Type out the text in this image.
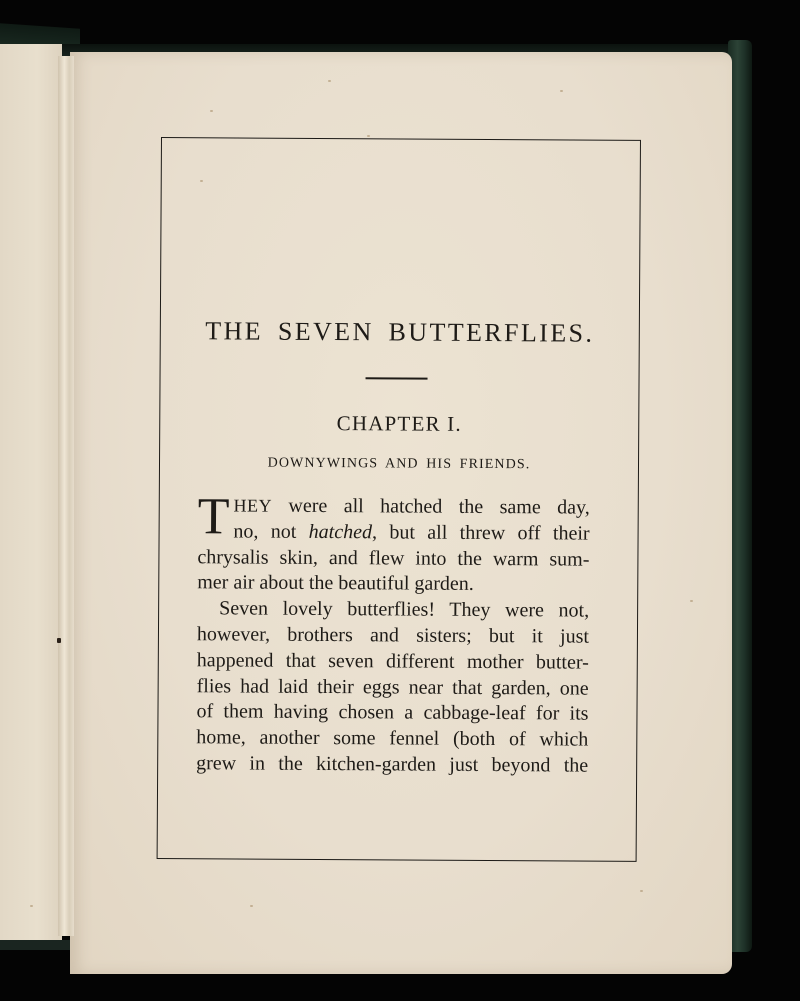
THE SEVEN BUTTERFLIES.
CHAPTER I.
DOWNYWINGS AND HIS FRIENDS.
T HEY were all hatched the same day,
no, not hatched, but all threw off their
chrysalis skin, and flew into the warm sum-
mer air about the beautiful garden.
Seven lovely butterflies! They were not,
however, brothers and sisters; but it just
happened that seven different mother butter-
flies had laid their eggs near that garden, one
of them having chosen a cabbage-leaf for its
home, another some fennel (both of which
grew in the kitchen-garden just beyond the
